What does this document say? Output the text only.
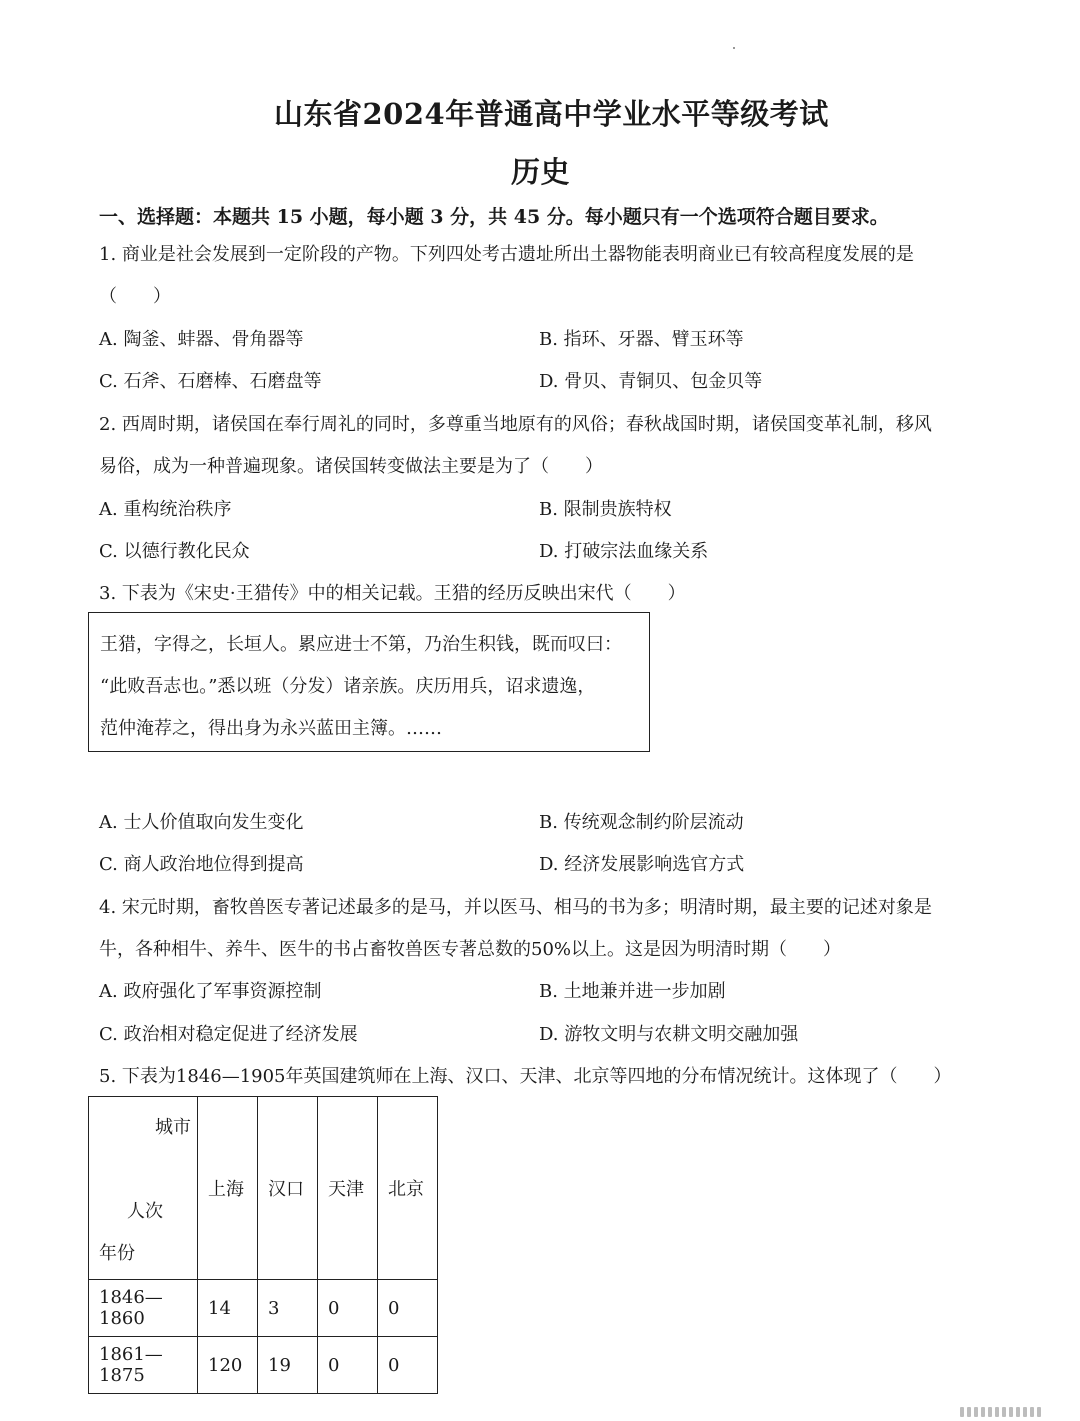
山东省2024年普通高中学业水平等级考试
历史
一、选择题：本题共 15 小题，每小题 3 分，共 45 分。每小题只有一个选项符合题目要求。
1. 商业是社会发展到一定阶段的产物。下列四处考古遗址所出土器物能表明商业已有较高程度发展的是
（　　）
A. 陶釜、蚌器、骨角器等	B. 指环、牙器、臂玉环等
C. 石斧、石磨棒、石磨盘等	D. 骨贝、青铜贝、包金贝等
2. 西周时期，诸侯国在奉行周礼的同时，多尊重当地原有的风俗；春秋战国时期，诸侯国变革礼制，移风
易俗，成为一种普遍现象。诸侯国转变做法主要是为了（　　）
A. 重构统治秩序	B. 限制贵族特权
C. 以德行教化民众	D. 打破宗法血缘关系
3. 下表为《宋史·王猎传》中的相关记载。王猎的经历反映出宋代（　　）
王猎，字得之，长垣人。累应进士不第，乃治生积钱，既而叹曰：
“此败吾志也。”悉以班（分发）诸亲族。庆历用兵，诏求遗逸，
范仲淹荐之，得出身为永兴蓝田主簿。……
A. 士人价值取向发生变化	B. 传统观念制约阶层流动
C. 商人政治地位得到提高	D. 经济发展影响选官方式
4. 宋元时期，畜牧兽医专著记述最多的是马，并以医马、相马的书为多；明清时期，最主要的记述对象是
牛，各种相牛、养牛、医牛的书占畜牧兽医专著总数的50%以上。这是因为明清时期（　　）
A. 政府强化了军事资源控制	B. 土地兼并进一步加剧
C. 政治相对稳定促进了经济发展	D. 游牧文明与农耕文明交融加强
5. 下表为1846—1905年英国建筑师在上海、汉口、天津、北京等四地的分布情况统计。这体现了（　　）
城市
人次
年份	上海	汉口	天津	北京
1846—1860	14	3	0	0
1861—1875	120	19	0	0
